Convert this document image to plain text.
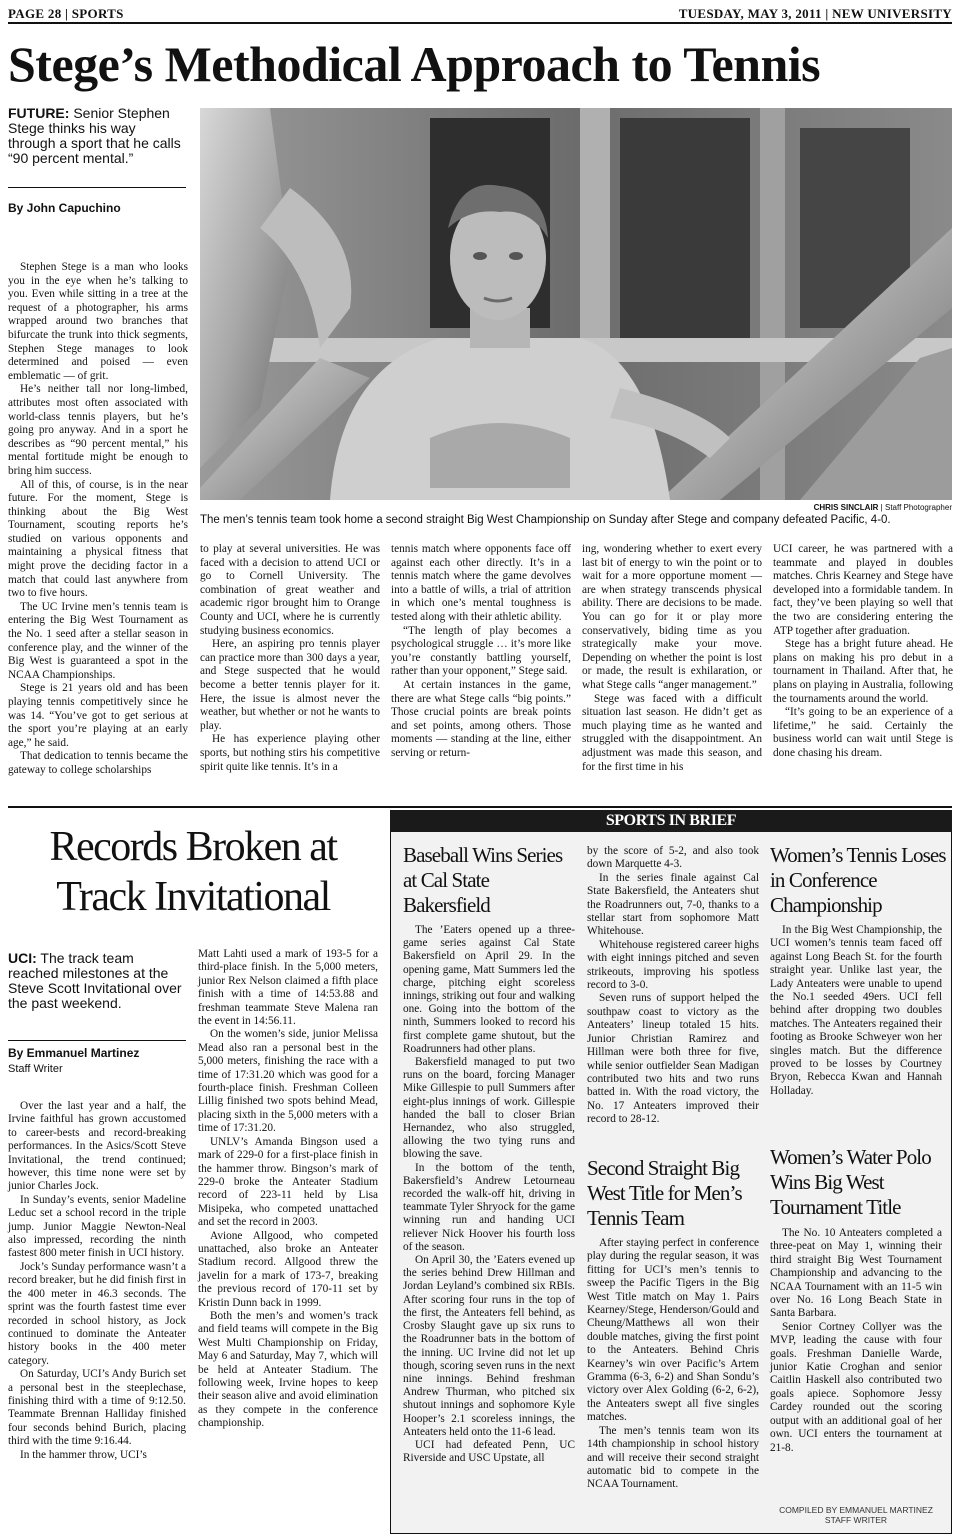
PAGE 28 | SPORTS	TUESDAY, MAY 3, 2011 | NEW UNIVERSITY
Stege’s Methodical Approach to Tennis
FUTURE: Senior Stephen Stege thinks his way through a sport that he calls “90 percent mental.”
By John Capuchino

Stephen Stege is a man who looks you in the eye when he’s talking to you. Even while sitting in a tree at the request of a photographer, his arms wrapped around two branches that bifurcate the trunk into thick segments, Stephen Stege manages to look determined and poised — even emblematic — of grit.

He’s neither tall nor long-limbed, attributes most often associated with world-class tennis players, but he’s going pro anyway. And in a sport he describes as “90 percent mental,” his mental fortitude might be enough to bring him success.

All of this, of course, is in the near future. For the moment, Stege is thinking about the Big West Tournament, scouting reports he’s studied on various opponents and maintaining a physical fitness that might prove the deciding factor in a match that could last anywhere from two to five hours.

The UC Irvine men’s tennis team is entering the Big West Tournament as the No. 1 seed after a stellar season in conference play, and the winner of the Big West is guaranteed a spot in the NCAA Championships.

Stege is 21 years old and has been playing tennis competitively since he was 14. “You’ve got to get serious at the sport you’re playing at an early age,” he said.

That dedication to tennis became the gateway to college scholarships

CHRIS SINCLAIR | Staff Photographer
The men’s tennis team took home a second straight Big West Championship on Sunday after Stege and company defeated Pacific, 4-0.

to play at several universities. He was faced with a decision to attend UCI or go to Cornell University. The combination of great weather and academic rigor brought him to Orange County and UCI, where he is currently studying business economics.

Here, an aspiring pro tennis player can practice more than 300 days a year, and Stege suspected that he would become a better tennis player for it. Here, the issue is almost never the weather, but whether or not he wants to play.

He has experience playing other sports, but nothing stirs his competitive spirit quite like tennis. It’s in a

tennis match where opponents face off against each other directly. It’s in a tennis match where the game devolves into a battle of wills, a trial of attrition in which one’s mental toughness is tested along with their athletic ability.

“The length of play becomes a psychological struggle … it’s more like you’re constantly battling yourself, rather than your opponent,” Stege said.

At certain instances in the game, there are what Stege calls “big points.” Those crucial points are break points and set points, among others. Those moments — standing at the line, either serving or return-

ing, wondering whether to exert every last bit of energy to win the point or to wait for a more opportune moment — are when strategy transcends physical ability. There are decisions to be made. You can go for it or play more conservatively, biding time as you strategically make your move. Depending on whether the point is lost or made, the result is exhilaration, or what Stege calls “anger management.”

Stege was faced with a difficult situation last season. He didn’t get as much playing time as he wanted and struggled with the disappointment. An adjustment was made this season, and for the first time in his

UCI career, he was partnered with a teammate and played in doubles matches. Chris Kearney and Stege have developed into a formidable tandem. In fact, they’ve been playing so well that the two are considering entering the ATP together after graduation.

Stege has a bright future ahead. He plans on making his pro debut in a tournament in Thailand. After that, he plans on playing in Australia, following the tournaments around the world.

“It’s going to be an experience of a lifetime,” he said. Certainly the business world can wait until Stege is done chasing his dream.

Records Broken at
Track Invitational
UCI: The track team reached milestones at the Steve Scott Invitational over the past weekend.
By Emmanuel Martinez
Staff Writer

Over the last year and a half, the Irvine faithful has grown accustomed to career-bests and record-breaking performances. In the Asics/Scott Steve Invitational, the trend continued; however, this time none were set by junior Charles Jock.

In Sunday’s events, senior Madeline Leduc set a school record in the triple jump. Junior Maggie Newton-Neal also impressed, recording the ninth fastest 800 meter finish in UCI history.

Jock’s Sunday performance wasn’t a record breaker, but he did finish first in the 400 meter in 46.3 seconds. The sprint was the fourth fastest time ever recorded in school history, as Jock continued to dominate the Anteater history books in the 400 meter category.

On Saturday, UCI’s Andy Burich set a personal best in the steeplechase, finishing third with a time of 9:12.50. Teammate Brennan Halliday finished four seconds behind Burich, placing third with the time 9:16.44.

In the hammer throw, UCI’s

Matt Lahti used a mark of 193-5 for a third-place finish. In the 5,000 meters, junior Rex Nelson claimed a fifth place finish with a time of 14:53.88 and freshman teammate Steve Malena ran the event in 14:56.11.

On the women’s side, junior Melissa Mead also ran a personal best in the 5,000 meters, finishing the race with a time of 17:31.20 which was good for a fourth-place finish. Freshman Colleen Lillig finished two spots behind Mead, placing sixth in the 5,000 meters with a time of 17:31.20.

UNLV’s Amanda Bingson used a mark of 229-0 for a first-place finish in the hammer throw. Bingson’s mark of 229-0 broke the Anteater Stadium record of 223-11 held by Lisa Misipeka, who competed unattached and set the record in 2003.

Avione Allgood, who competed unattached, also broke an Anteater Stadium record. Allgood threw the javelin for a mark of 173-7, breaking the previous record of 170-11 set by Kristin Dunn back in 1999.

Both the men’s and women’s track and field teams will compete in the Big West Multi Championship on Friday, May 6 and Saturday, May 7, which will be held at Anteater Stadium. The following week, Irvine hopes to keep their season alive and avoid elimination as they compete in the conference championship.

SPORTS IN BRIEF
Baseball Wins Series at Cal State Bakersfield

The ’Eaters opened up a three-game series against Cal State Bakersfield on April 29. In the opening game, Matt Summers led the charge, pitching eight scoreless innings, striking out four and walking one. Going into the bottom of the ninth, Summers looked to record his first complete game shutout, but the Roadrunners had other plans.

Bakersfield managed to put two runs on the board, forcing Manager Mike Gillespie to pull Summers after eight-plus innings of work. Gillespie handed the ball to closer Brian Hernandez, who also struggled, allowing the two tying runs and blowing the save.

In the bottom of the tenth, Bakersfield’s Andrew Letourneau recorded the walk-off hit, driving in teammate Tyler Shryock for the game winning run and handing UCI reliever Nick Hoover his fourth loss of the season.

On April 30, the ’Eaters evened up the series behind Drew Hillman and Jordan Leyland’s combined six RBIs. After scoring four runs in the top of the first, the Anteaters fell behind, as Crosby Slaught gave up six runs to the Roadrunner bats in the bottom of the inning. UC Irvine did not let up though, scoring seven runs in the next nine innings. Behind freshman Andrew Thurman, who pitched six shutout innings and sophomore Kyle Hooper’s 2.1 scoreless innings, the Anteaters held onto the 11-6 lead.

UCI had defeated Penn, UC Riverside and USC Upstate, all

by the score of 5-2, and also took down Marquette 4-3.

In the series finale against Cal State Bakersfield, the Anteaters shut the Roadrunners out, 7-0, thanks to a stellar start from sophomore Matt Whitehouse.

Whitehouse registered career highs with eight innings pitched and seven strikeouts, improving his spotless record to 3-0.

Seven runs of support helped the southpaw coast to victory as the Anteaters’ lineup totaled 15 hits. Junior Christian Ramirez and Hillman were both three for five, while senior outfielder Sean Madigan contributed two hits and two runs batted in. With the road victory, the No. 17 Anteaters improved their record to 28-12.

Second Straight Big West Title for Men’s Tennis Team

After staying perfect in conference play during the regular season, it was fitting for UCI’s men’s tennis to sweep the Pacific Tigers in the Big West Title match on May 1. Pairs Kearney/Stege, Henderson/Gould and Cheung/Matthews all won their double matches, giving the first point to the Anteaters. Behind Chris Kearney’s win over Pacific’s Artem Gramma (6-3, 6-2) and Shan Sondu’s victory over Alex Golding (6-2, 6-2), the Anteaters swept all five singles matches.

The men’s tennis team won its 14th championship in school history and will receive their second straight automatic bid to compete in the NCAA Tournament.

Women’s Tennis Loses in Conference Championship

In the Big West Championship, the UCI women’s tennis team faced off against Long Beach St. for the fourth straight year. Unlike last year, the Lady Anteaters were unable to upend the No.1 seeded 49ers. UCI fell behind after dropping two doubles matches. The Anteaters regained their footing as Brooke Schweyer won her singles match. But the difference proved to be losses by Courtney Bryon, Rebecca Kwan and Hannah Holladay.

Women’s Water Polo Wins Big West Tournament Title

The No. 10 Anteaters completed a three-peat on May 1, winning their third straight Big West Tournament Championship and advancing to the NCAA Tournament with an 11-5 win over No. 16 Long Beach State in Santa Barbara.

Senior Cortney Collyer was the MVP, leading the cause with four goals. Freshman Danielle Warde, junior Katie Croghan and senior Caitlin Haskell also contributed two goals apiece. Sophomore Jessy Cardey rounded out the scoring output with an additional goal of her own. UCI enters the tournament at 21-8.

COMPILED BY EMMANUEL MARTINEZ
STAFF WRITER
